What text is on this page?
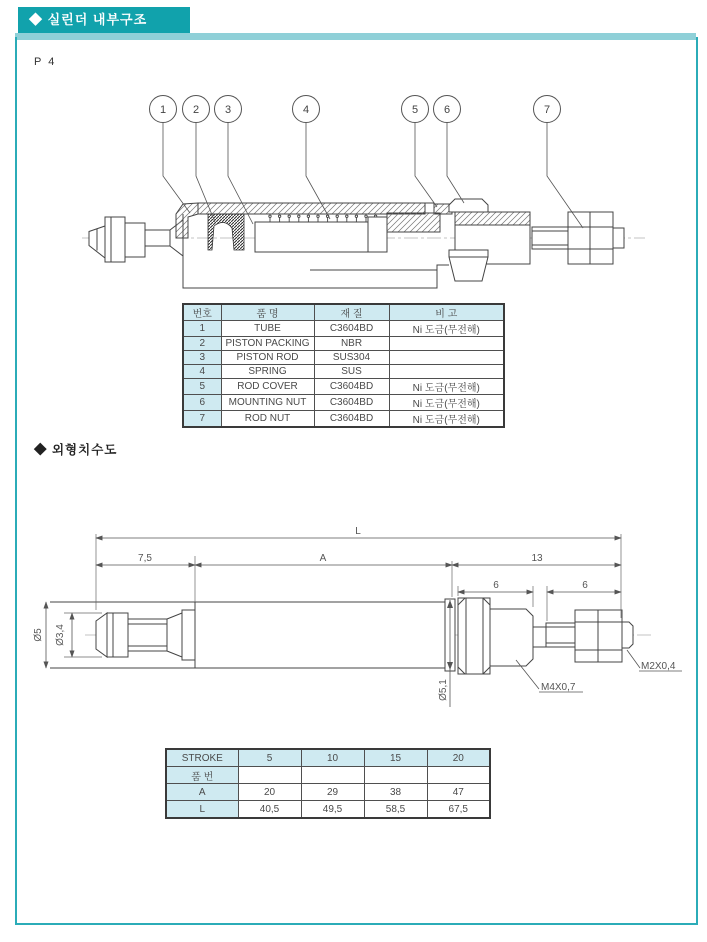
◆ 실린더 내부구조
P 4
1 2 3	4	5 6	7
번호	품 명	재 질	비 고
1	TUBE	C3604BD	Ni 도금(무전해)
2	PISTON PACKING	NBR	
3	PISTON ROD	SUS304	
4	SPRING	SUS	
5	ROD COVER	C3604BD	Ni 도금(무전해)
6	MOUNTING NUT	C3604BD	Ni 도금(무전해)
7	ROD NUT	C3604BD	Ni 도금(무전해)
◆ 외형치수도
L
7,5	A	13
6	6
Ø5 Ø3,4
Ø5,1	M4X0,7
M2X0,4
STROKE	5	10	15	20
품 번				
A	20	29	38	47
L	40,5	49,5	58,5	67,5
